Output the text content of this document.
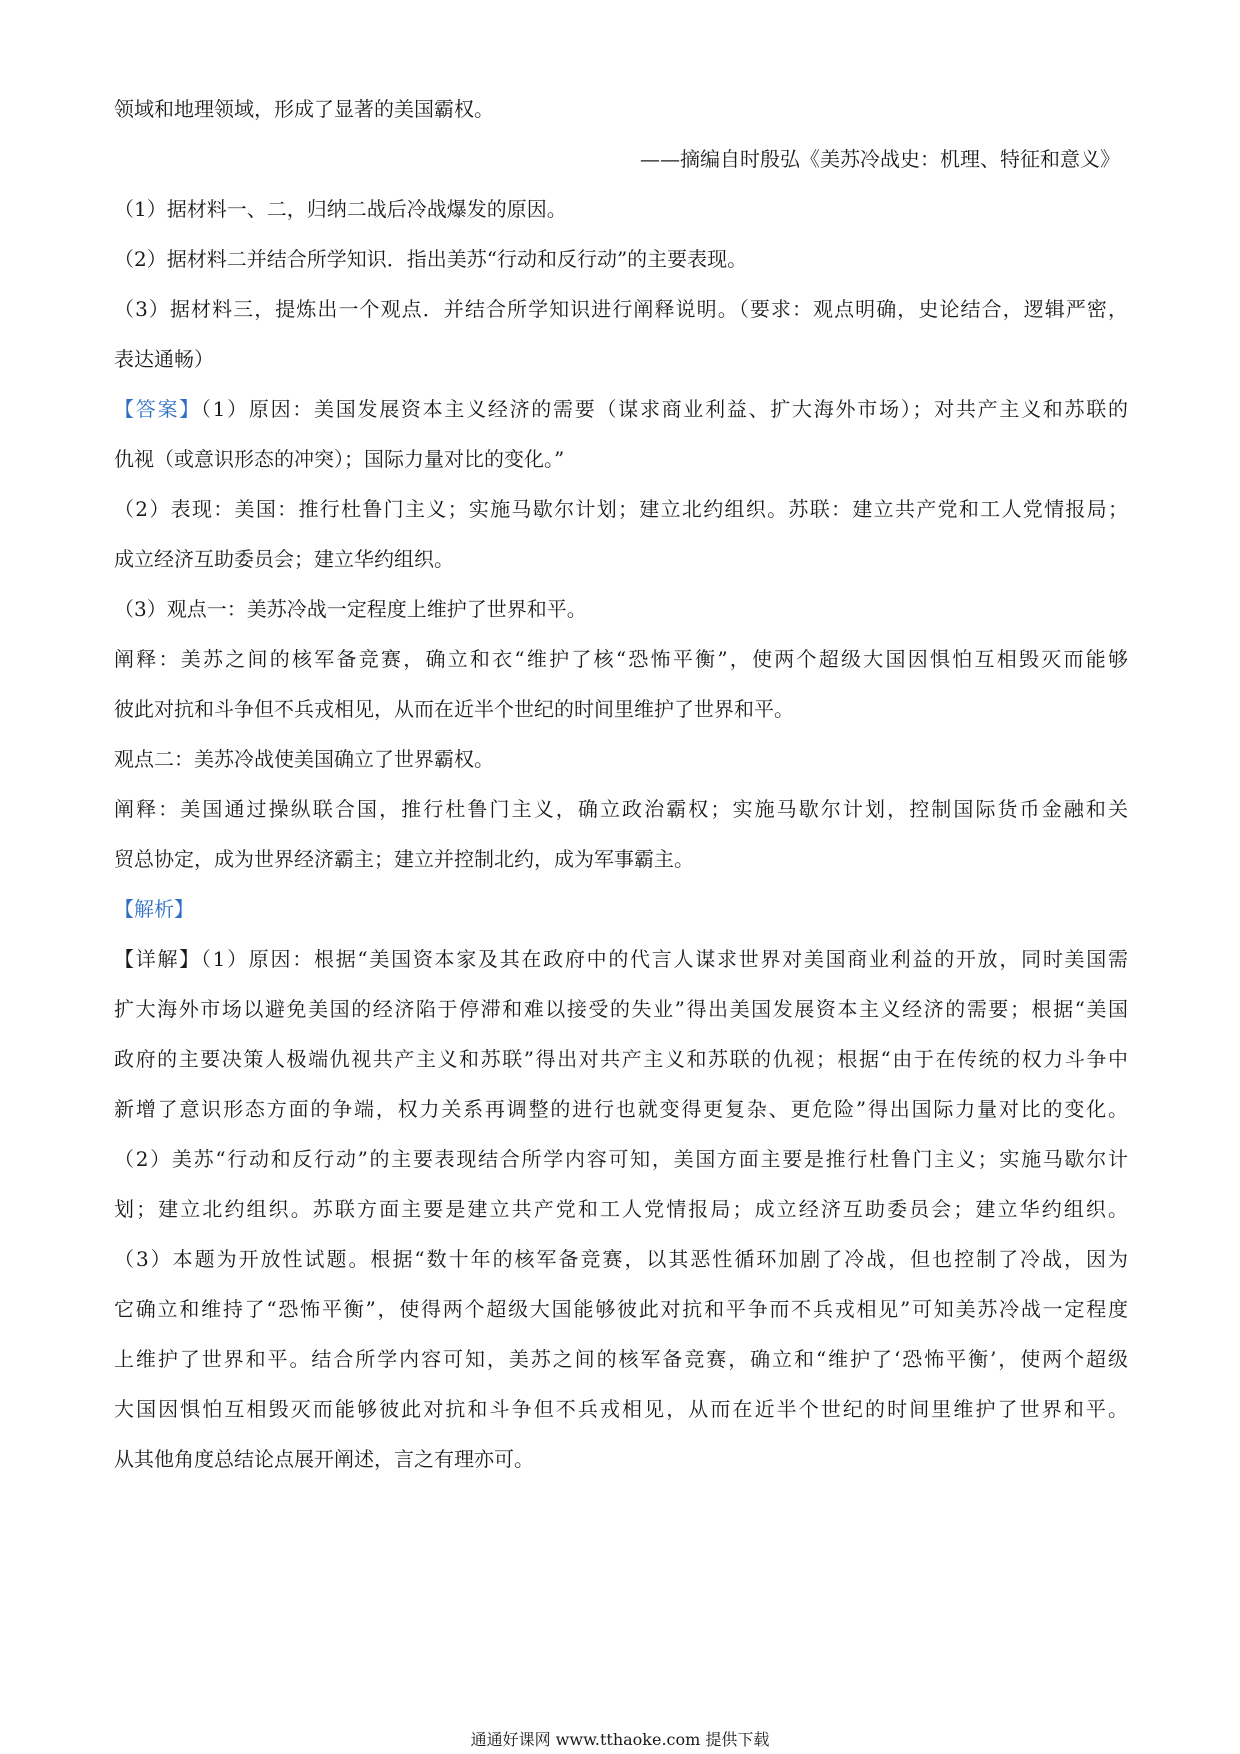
领域和地理领域，形成了显著的美国霸权。
——摘编自时殷弘《美苏冷战史：机理、特征和意义》
（1）据材料一、二，归纳二战后冷战爆发的原因。
（2）据材料二并结合所学知识．指出美苏“行动和反行动”的主要表现。
（3）据材料三，提炼出一个观点．并结合所学知识进行阐释说明。（要求：观点明确，史论结合，逻辑严密，
表达通畅）
【答案】（1）原因：美国发展资本主义经济的需要（谋求商业利益、扩大海外市场）；对共产主义和苏联的
仇视（或意识形态的冲突）；国际力量对比的变化。”
（2）表现：美国：推行杜鲁门主义；实施马歇尔计划；建立北约组织。苏联：建立共产党和工人党情报局；
成立经济互助委员会；建立华约组织。
（3）观点一：美苏冷战一定程度上维护了世界和平。
阐释：美苏之间的核军备竞赛，确立和衣“维护了核“恐怖平衡”，使两个超级大国因惧怕互相毁灭而能够
彼此对抗和斗争但不兵戎相见，从而在近半个世纪的时间里维护了世界和平。
观点二：美苏冷战使美国确立了世界霸权。
阐释：美国通过操纵联合国，推行杜鲁门主义，确立政治霸权；实施马歇尔计划，控制国际货币金融和关
贸总协定，成为世界经济霸主；建立并控制北约，成为军事霸主。
【解析】
【详解】（1）原因：根据“美国资本家及其在政府中的代言人谋求世界对美国商业利益的开放，同时美国需
扩大海外市场以避免美国的经济陷于停滞和难以接受的失业”得出美国发展资本主义经济的需要；根据“美国
政府的主要决策人极端仇视共产主义和苏联”得出对共产主义和苏联的仇视；根据“由于在传统的权力斗争中
新增了意识形态方面的争端，权力关系再调整的进行也就变得更复杂、更危险”得出国际力量对比的变化。
（2）美苏“行动和反行动”的主要表现结合所学内容可知，美国方面主要是推行杜鲁门主义；实施马歇尔计
划；建立北约组织。苏联方面主要是建立共产党和工人党情报局；成立经济互助委员会；建立华约组织。
（3）本题为开放性试题。根据“数十年的核军备竞赛，以其恶性循环加剧了冷战，但也控制了冷战，因为
它确立和维持了“恐怖平衡”，使得两个超级大国能够彼此对抗和平争而不兵戎相见”可知美苏冷战一定程度
上维护了世界和平。结合所学内容可知，美苏之间的核军备竞赛，确立和“维护了‘恐怖平衡’，使两个超级
大国因惧怕互相毁灭而能够彼此对抗和斗争但不兵戎相见，从而在近半个世纪的时间里维护了世界和平。
从其他角度总结论点展开阐述，言之有理亦可。
通通好课网 www.tthaoke.com 提供下载
